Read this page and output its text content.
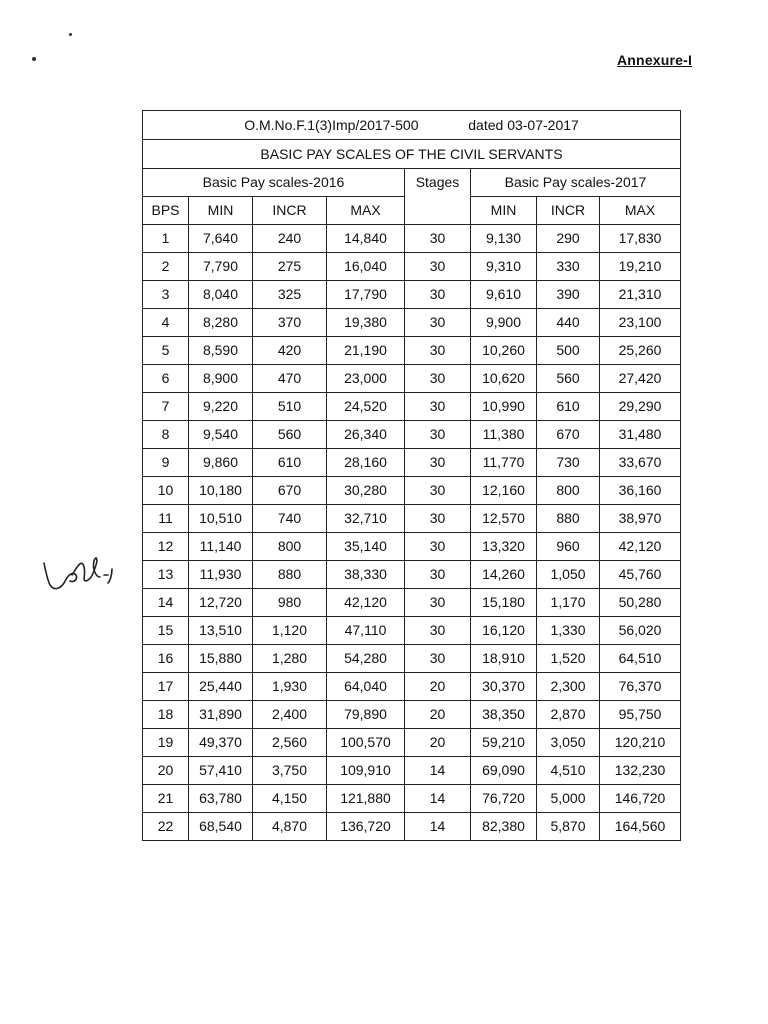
Annexure-I
O.M.No.F.1(3)Imp/2017-500 dated 03-07-2017							
BASIC PAY SCALES OF THE CIVIL SERVANTS							
Basic Pay scales-2016				Stages	Basic Pay scales-2017		
BPS	MIN	INCR	MAX		MIN	INCR	MAX
1	7,640	240	14,840	30	9,130	290	17,830
2	7,790	275	16,040	30	9,310	330	19,210
3	8,040	325	17,790	30	9,610	390	21,310
4	8,280	370	19,380	30	9,900	440	23,100
5	8,590	420	21,190	30	10,260	500	25,260
6	8,900	470	23,000	30	10,620	560	27,420
7	9,220	510	24,520	30	10,990	610	29,290
8	9,540	560	26,340	30	11,380	670	31,480
9	9,860	610	28,160	30	11,770	730	33,670
10	10,180	670	30,280	30	12,160	800	36,160
11	10,510	740	32,710	30	12,570	880	38,970
12	11,140	800	35,140	30	13,320	960	42,120
13	11,930	880	38,330	30	14,260	1,050	45,760
14	12,720	980	42,120	30	15,180	1,170	50,280
15	13,510	1,120	47,110	30	16,120	1,330	56,020
16	15,880	1,280	54,280	30	18,910	1,520	64,510
17	25,440	1,930	64,040	20	30,370	2,300	76,370
18	31,890	2,400	79,890	20	38,350	2,870	95,750
19	49,370	2,560	100,570	20	59,210	3,050	120,210
20	57,410	3,750	109,910	14	69,090	4,510	132,230
21	63,780	4,150	121,880	14	76,720	5,000	146,720
22	68,540	4,870	136,720	14	82,380	5,870	164,560
